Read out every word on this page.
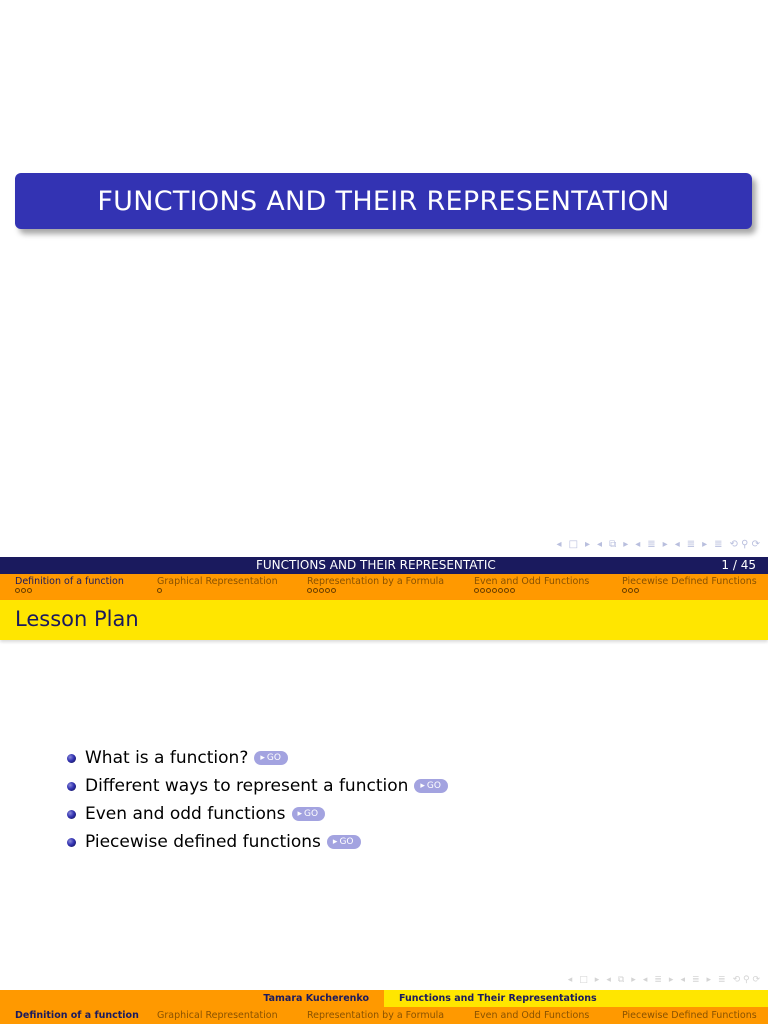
FUNCTIONS AND THEIR REPRESENTATION
◂ □ ▸ ◂ ⧉ ▸ ◂ ≣ ▸ ◂ ≣ ▸ ≣ ⟲ ⚲ ⟳
FUNCTIONS AND THEIR REPRESENTATIC	1 / 45
Definition of a function	Graphical Representation	Representation by a Formula	Even and Odd Functions	Piecewise Defined Functions
Lesson Plan
What is a function? ▸ GO
Different ways to represent a function ▸ GO
Even and odd functions ▸ GO
Piecewise defined functions ▸ GO
◂ □ ▸ ◂ ⧉ ▸ ◂ ≣ ▸ ◂ ≣ ▸ ≣ ⟲ ⚲ ⟳
Tamara Kucherenko	Functions and Their Representations
Definition of a function Graphical Representation	Representation by a Formula	Even and Odd Functions	Piecewise Defined Functions
